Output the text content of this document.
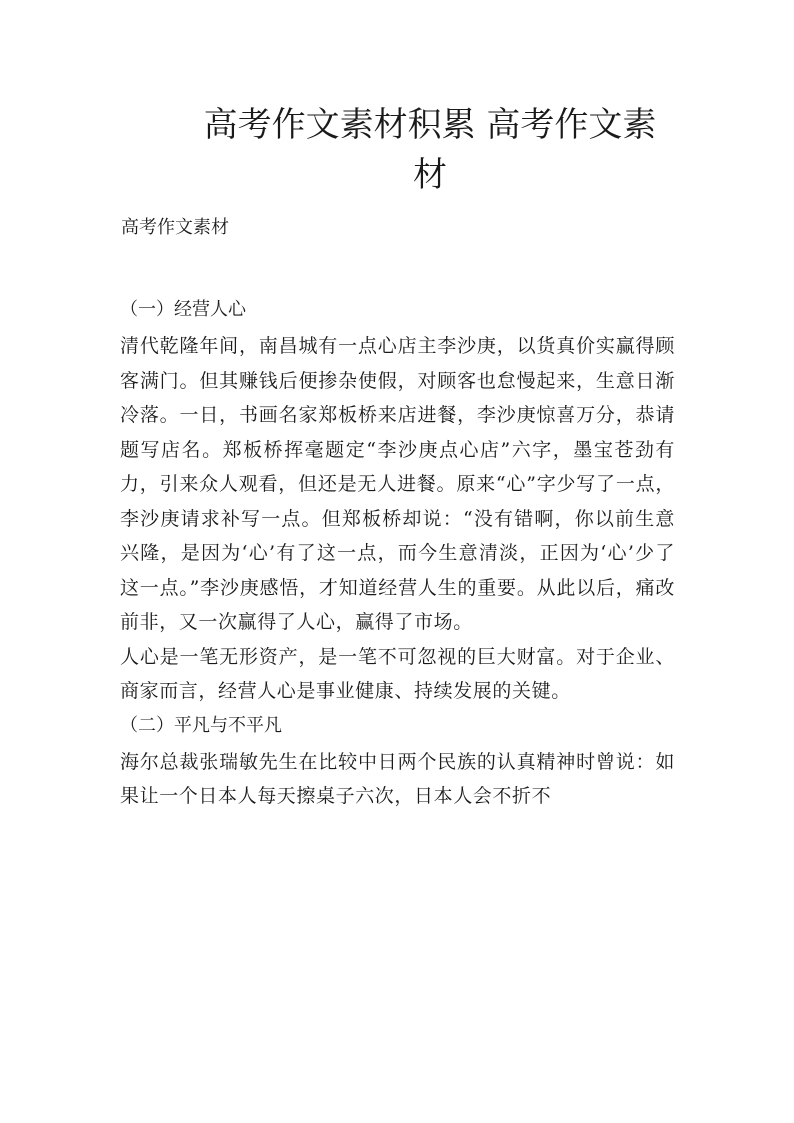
高考作文素材积累 高考作文素
材

高考作文素材

（一）经营人心

清代乾隆年间，南昌城有一点心店主李沙庚，以货真价实赢得顾客满门。但其赚钱后便掺杂使假，对顾客也怠慢起来，生意日渐冷落。一日，书画名家郑板桥来店进餐，李沙庚惊喜万分，恭请题写店名。郑板桥挥毫题定“李沙庚点心店”六字，墨宝苍劲有力，引来众人观看，但还是无人进餐。原来“心”字少写了一点，李沙庚请求补写一点。但郑板桥却说：“没有错啊，你以前生意兴隆，是因为‘心’有了这一点，而今生意清淡，正因为‘心’少了这一点。”李沙庚感悟，才知道经营人生的重要。从此以后，痛改前非，又一次赢得了人心，赢得了市场。

人心是一笔无形资产，是一笔不可忽视的巨大财富。对于企业、商家而言，经营人心是事业健康、持续发展的关键。

（二）平凡与不平凡

海尔总裁张瑞敏先生在比较中日两个民族的认真精神时曾说：如果让一个日本人每天擦桌子六次，日本人会不折不
